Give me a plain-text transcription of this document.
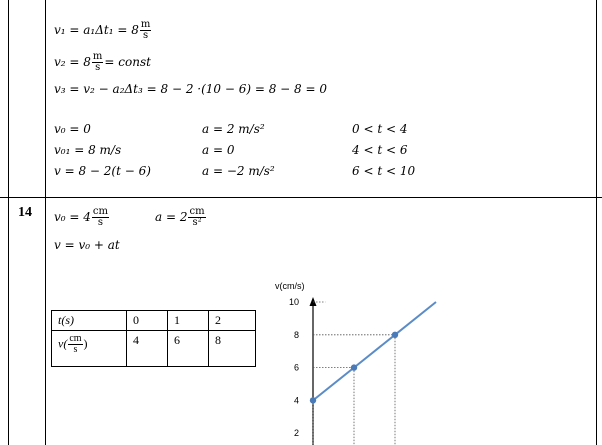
$v_1 = a_1\Delta t_1 = 8 \frac{m}{s}$
$v_2 = 8 \frac{m}{s}$ = const
v₃ = v₂ − a₂Δt₃ = 8 − 2 ·(10 − 6) = 8 − 8 = 0
v₀ = 0	a = 2 m/s²	0 < t < 4
v₀₁ = 8 m/s	a = 0	4 < t < 6
v = 8 − 2(t − 6)	a = −2 m/s²	6 < t < 10
14 $v_0 = 4 \frac{cm}{s}$	$a = 2 \frac{cm}{\text{s²}}$
v = v₀ + at
t(s)	0	1	2
$v( \frac{cm}{s}$ )	4	6	8
v(cm/s)
10
8
6
4
2
